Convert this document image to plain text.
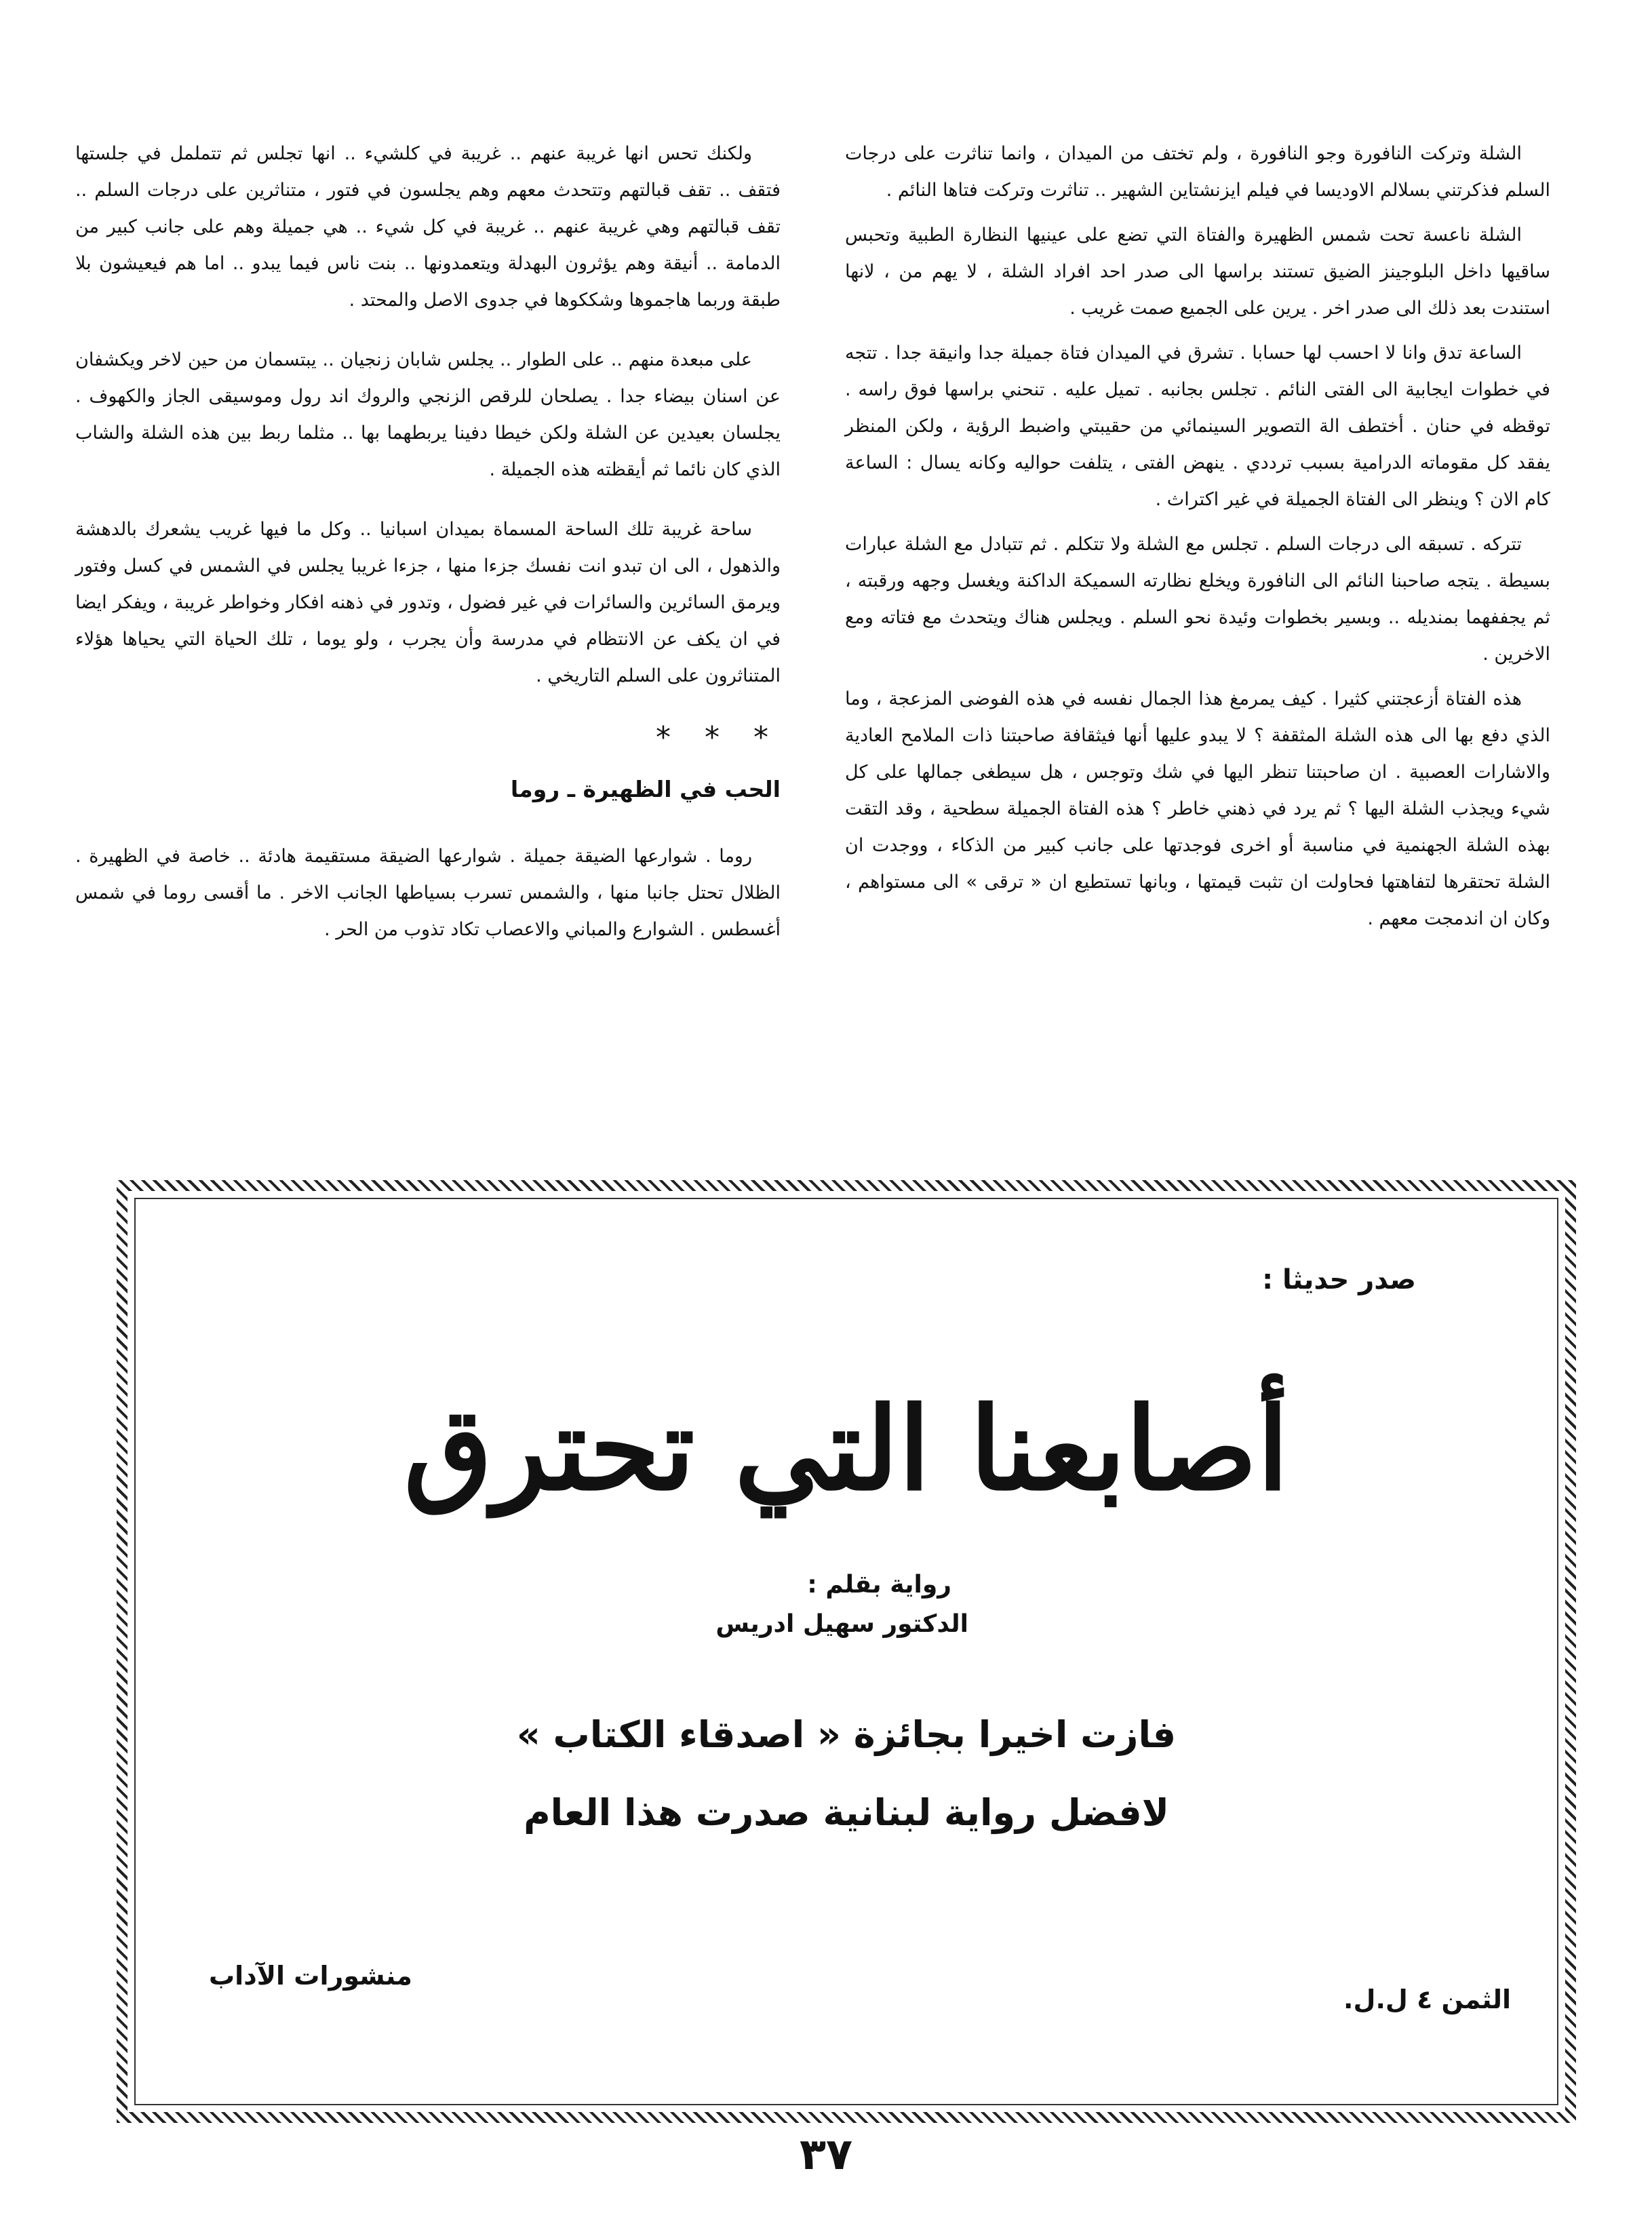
الشلة وتركت النافورة وجو النافورة ، ولم تختف من الميدان ، وانما تناثرت على درجات السلم فذكرتني بسلالم الاوديسا في فيلم ايزنشتاين الشهير .. تناثرت وتركت فتاها النائم .

الشلة ناعسة تحت شمس الظهيرة والفتاة التي تضع على عينيها النظارة الطبية وتحبس ساقيها داخل البلوجينز الضيق تستند براسها الى صدر احد افراد الشلة ، لا يهم من ، لانها استندت بعد ذلك الى صدر اخر . يرين على الجميع صمت غريب .

الساعة تدق وانا لا احسب لها حسابا . تشرق في الميدان فتاة جميلة جدا وانيقة جدا . تتجه في خطوات ايجابية الى الفتى النائم . تجلس بجانبه . تميل عليه . تنحني براسها فوق راسه . توقظه في حنان . أختطف الة التصوير السينمائي من حقيبتي واضبط الرؤية ، ولكن المنظر يفقد كل مقوماته الدرامية بسبب ترددي . ينهض الفتى ، يتلفت حواليه وكانه يسال : الساعة كام الان ؟ وينظر الى الفتاة الجميلة في غير اكتراث .

تتركه . تسبقه الى درجات السلم . تجلس مع الشلة ولا تتكلم . ثم تتبادل مع الشلة عبارات بسيطة . يتجه صاحبنا النائم الى النافورة ويخلع نظارته السميكة الداكنة ويغسل وجهه ورقبته ، ثم يجففهما بمنديله .. وبسير بخطوات وئيدة نحو السلم . ويجلس هناك ويتحدث مع فتاته ومع الاخرين .

هذه الفتاة أزعجتني كثيرا . كيف يمرمغ هذا الجمال نفسه في هذه الفوضى المزعجة ، وما الذي دفع بها الى هذه الشلة المثقفة ؟ لا يبدو عليها أنها فيثقافة صاحبتنا ذات الملامح العادية والاشارات العصبية . ان صاحبتنا تنظر اليها في شك وتوجس ، هل سيطغى جمالها على كل شيء ويجذب الشلة اليها ؟ ثم يرد في ذهني خاطر ؟ هذه الفتاة الجميلة سطحية ، وقد التقت بهذه الشلة الجهنمية في مناسبة أو اخرى فوجدتها على جانب كبير من الذكاء ، ووجدت ان الشلة تحتقرها لتفاهتها فحاولت ان تثبت قيمتها ، وبانها تستطيع ان « ترقى » الى مستواهم ، وكان ان اندمجت معهم .

ولكنك تحس انها غريبة عنهم .. غريبة في كلشيء .. انها تجلس ثم تتململ في جلستها فتقف .. تقف قبالتهم وتتحدث معهم وهم يجلسون في فتور ، متناثرين على درجات السلم .. تقف قبالتهم وهي غريبة عنهم .. غريبة في كل شيء .. هي جميلة وهم على جانب كبير من الدمامة .. أنيقة وهم يؤثرون البهدلة ويتعمدونها .. بنت ناس فيما يبدو .. اما هم فيعيشون بلا طبقة وربما هاجموها وشككوها في جدوى الاصل والمحتد .

على مبعدة منهم .. على الطوار .. يجلس شابان زنجيان .. يبتسمان من حين لاخر ويكشفان عن اسنان بيضاء جدا . يصلحان للرقص الزنجي والروك اند رول وموسيقى الجاز والكهوف . يجلسان بعيدين عن الشلة ولكن خيطا دفينا يربطهما بها .. مثلما ربط بين هذه الشلة والشاب الذي كان نائما ثم أيقظته هذه الجميلة .

ساحة غريبة تلك الساحة المسماة بميدان اسبانيا .. وكل ما فيها غريب يشعرك بالدهشة والذهول ، الى ان تبدو انت نفسك جزءا منها ، جزءا غريبا يجلس في الشمس في كسل وفتور ويرمق السائرين والسائرات في غير فضول ، وتدور في ذهنه افكار وخواطر غريبة ، ويفكر ايضا في ان يكف عن الانتظام في مدرسة وأن يجرب ، ولو يوما ، تلك الحياة التي يحياها هؤلاء المتناثرون على السلم التاريخي .

* * *
الحب في الظهيرة ـ روما

روما . شوارعها الضيقة جميلة . شوارعها الضيقة مستقيمة هادئة .. خاصة في الظهيرة . الظلال تحتل جانبا منها ، والشمس تسرب بسياطها الجانب الاخر . ما أقسى روما في شمس أغسطس . الشوارع والمباني والاعصاب تكاد تذوب من الحر .

صدر حديثا :
أصابعنا التي تحترق
رواية بقلم :
الدكتور سهيل ادريس
فازت اخيرا بجائزة « اصدقاء الكتاب »
لافضل رواية لبنانية صدرت هذا العام
الثمن ٤ ل.ل.
منشورات الآداب
٣٧
